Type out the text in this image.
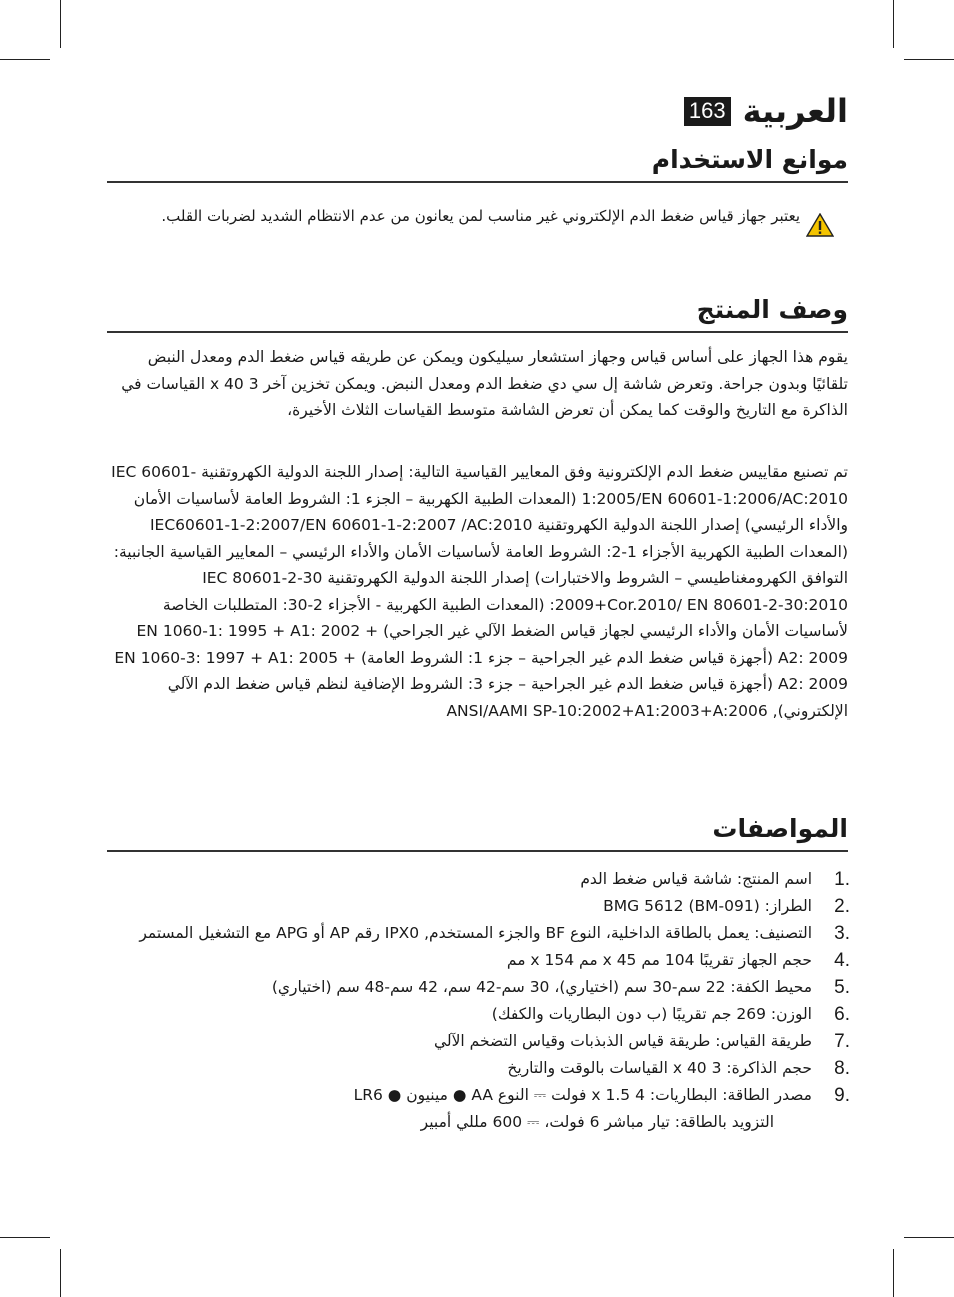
163 العربية
موانع الاستخدام
يعتبر جهاز قياس ضغط الدم الإلكتروني غير مناسب لمن يعانون من عدم الانتظام الشديد لضربات القلب.
وصف المنتج
يقوم هذا الجهاز على أساس قياس وجهاز استشعار سيليكون ويمكن عن طريقه قياس ضغط الدم ومعدل النبض تلقائيًا وبدون جراحة. وتعرض شاشة إل سي دي ضغط الدم ومعدل النبض. ويمكن تخزين آخر 3 x 40 القياسات في الذاكرة مع التاريخ والوقت كما يمكن أن تعرض الشاشة متوسط القياسات الثلاث الأخيرة،
تم تصنيع مقاييس ضغط الدم الإلكترونية وفق المعايير القياسية التالية: إصدار اللجنة الدولية الكهروتقنية IEC 60601-1:2005/EN 60601-1:2006/AC:2010 (المعدات الطبية الكهربية – الجزء 1: الشروط العامة لأساسيات الأمان والأداء الرئيسي) إصدار اللجنة الدولية الكهروتقنية IEC60601-1-2:2007/EN 60601-1-2:2007 /AC:2010 (المعدات الطبية الكهربية الأجزاء 1-2: الشروط العامة لأساسيات الأمان والأداء الرئيسي – المعايير القياسية الجانبية: التوافق الكهرومغناطيسي – الشروط والاختبارات) إصدار اللجنة الدولية الكهروتقنية IEC 80601-2-30 :2009+Cor.2010/ EN 80601-2-30:2010 (المعدات الطبية الكهربية - الأجزاء 2-30: المتطلبات الخاصة لأساسيات الأمان والأداء الرئيسي لجهاز قياس الضغط الآلي غير الجراحي) EN 1060-1: 1995 + A1: 2002 + A2: 2009 (أجهزة قياس ضغط الدم غير الجراحية – جزء 1: الشروط العامة) EN 1060-3: 1997 + A1: 2005 + A2: 2009 (أجهزة قياس ضغط الدم غير الجراحية – جزء 3: الشروط الإضافية لنظم قياس ضغط الدم الآلي الإلكتروني), ANSI/AAMI SP-10:2002+A1:2003+A:2006
المواصفات
1.
اسم المنتج: شاشة قياس ضغط الدم
2.
الطراز: BMG 5612 (BM-091)
3.
التصنيف: يعمل بالطاقة الداخلية، النوع BF والجزء المستخدم, IPX0 رقم AP أو APG مع التشغيل المستمر
4.
حجم الجهاز تقريبًا 104 مم x 45 مم x 154 مم
5.
محيط الكفة: 22 سم-30 سم (اختياري)، 30 سم-42 سم، 42 سم-48 سم (اختياري)
6.
الوزن: 269 جم تقريبًا (ب دون البطاريات والكفك)
7.
طريقة القياس: طريقة قياس الذبذبات وقياس التضخم الآلي
8.
حجم الذاكرة: 3 x 40 القياسات بالوقت والتاريخ
9.
مصدر الطاقة: البطاريات: 4 x 1.5 فولت ⎓ النوع AA ● مينيون ● LR6
التزويد بالطاقة: تيار مباشر 6 فولت، ⎓ 600 مللي أمبير
